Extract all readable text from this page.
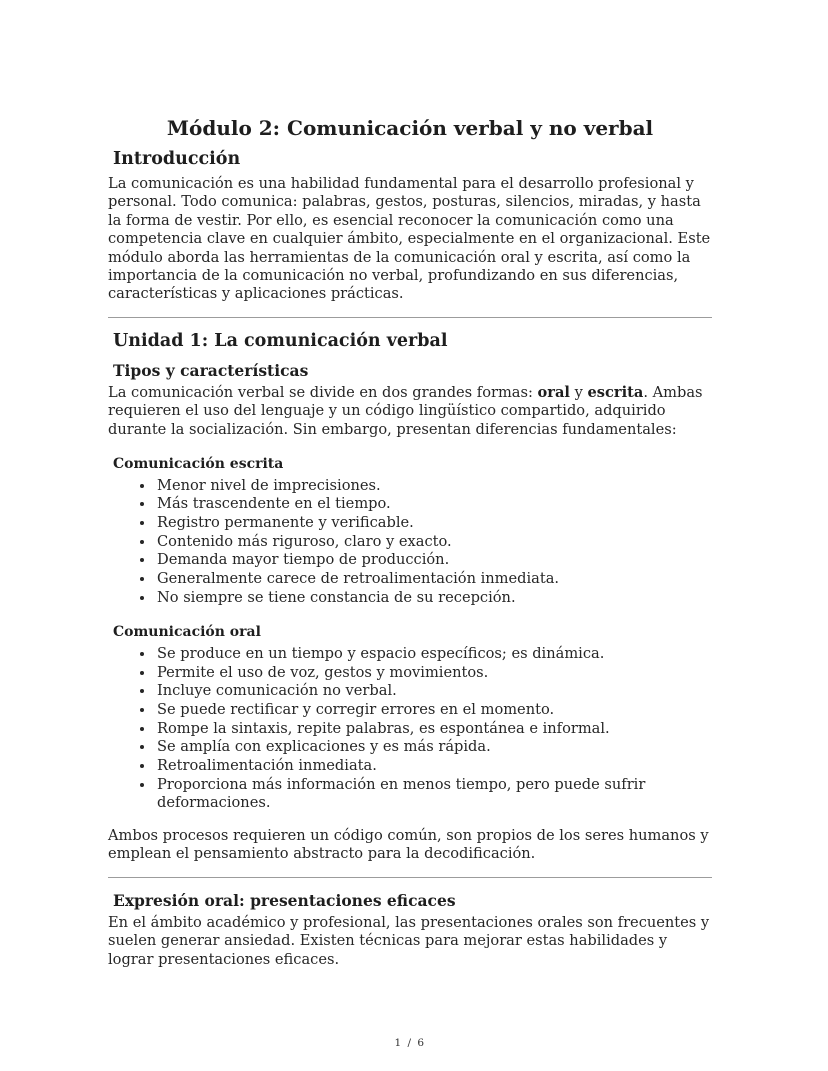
Módulo 2: Comunicación verbal y no verbal
Introducción

La comunicación es una habilidad fundamental para el desarrollo profesional y personal. Todo comunica: palabras, gestos, posturas, silencios, miradas, y hasta la forma de vestir. Por ello, es esencial reconocer la comunicación como una competencia clave en cualquier ámbito, especialmente en el organizacional. Este módulo aborda las herramientas de la comunicación oral y escrita, así como la importancia de la comunicación no verbal, profundizando en sus diferencias, características y aplicaciones prácticas.

Unidad 1: La comunicación verbal
Tipos y características

La comunicación verbal se divide en dos grandes formas: oral y escrita. Ambas requieren el uso del lenguaje y un código lingüístico compartido, adquirido durante la socialización. Sin embargo, presentan diferencias fundamentales:

Comunicación escrita
• Menor nivel de imprecisiones.
• Más trascendente en el tiempo.
• Registro permanente y verificable.
• Contenido más riguroso, claro y exacto.
• Demanda mayor tiempo de producción.
• Generalmente carece de retroalimentación inmediata.
• No siempre se tiene constancia de su recepción.
Comunicación oral
• Se produce en un tiempo y espacio específicos; es dinámica.
• Permite el uso de voz, gestos y movimientos.
• Incluye comunicación no verbal.
• Se puede rectificar y corregir errores en el momento.
• Rompe la sintaxis, repite palabras, es espontánea e informal.
• Se amplía con explicaciones y es más rápida.
• Retroalimentación inmediata.
• Proporciona más información en menos tiempo, pero puede sufrir deformaciones.

Ambos procesos requieren un código común, son propios de los seres humanos y emplean el pensamiento abstracto para la decodificación.

Expresión oral: presentaciones eficaces

En el ámbito académico y profesional, las presentaciones orales son frecuentes y suelen generar ansiedad. Existen técnicas para mejorar estas habilidades y lograr presentaciones eficaces.

1 / 6
